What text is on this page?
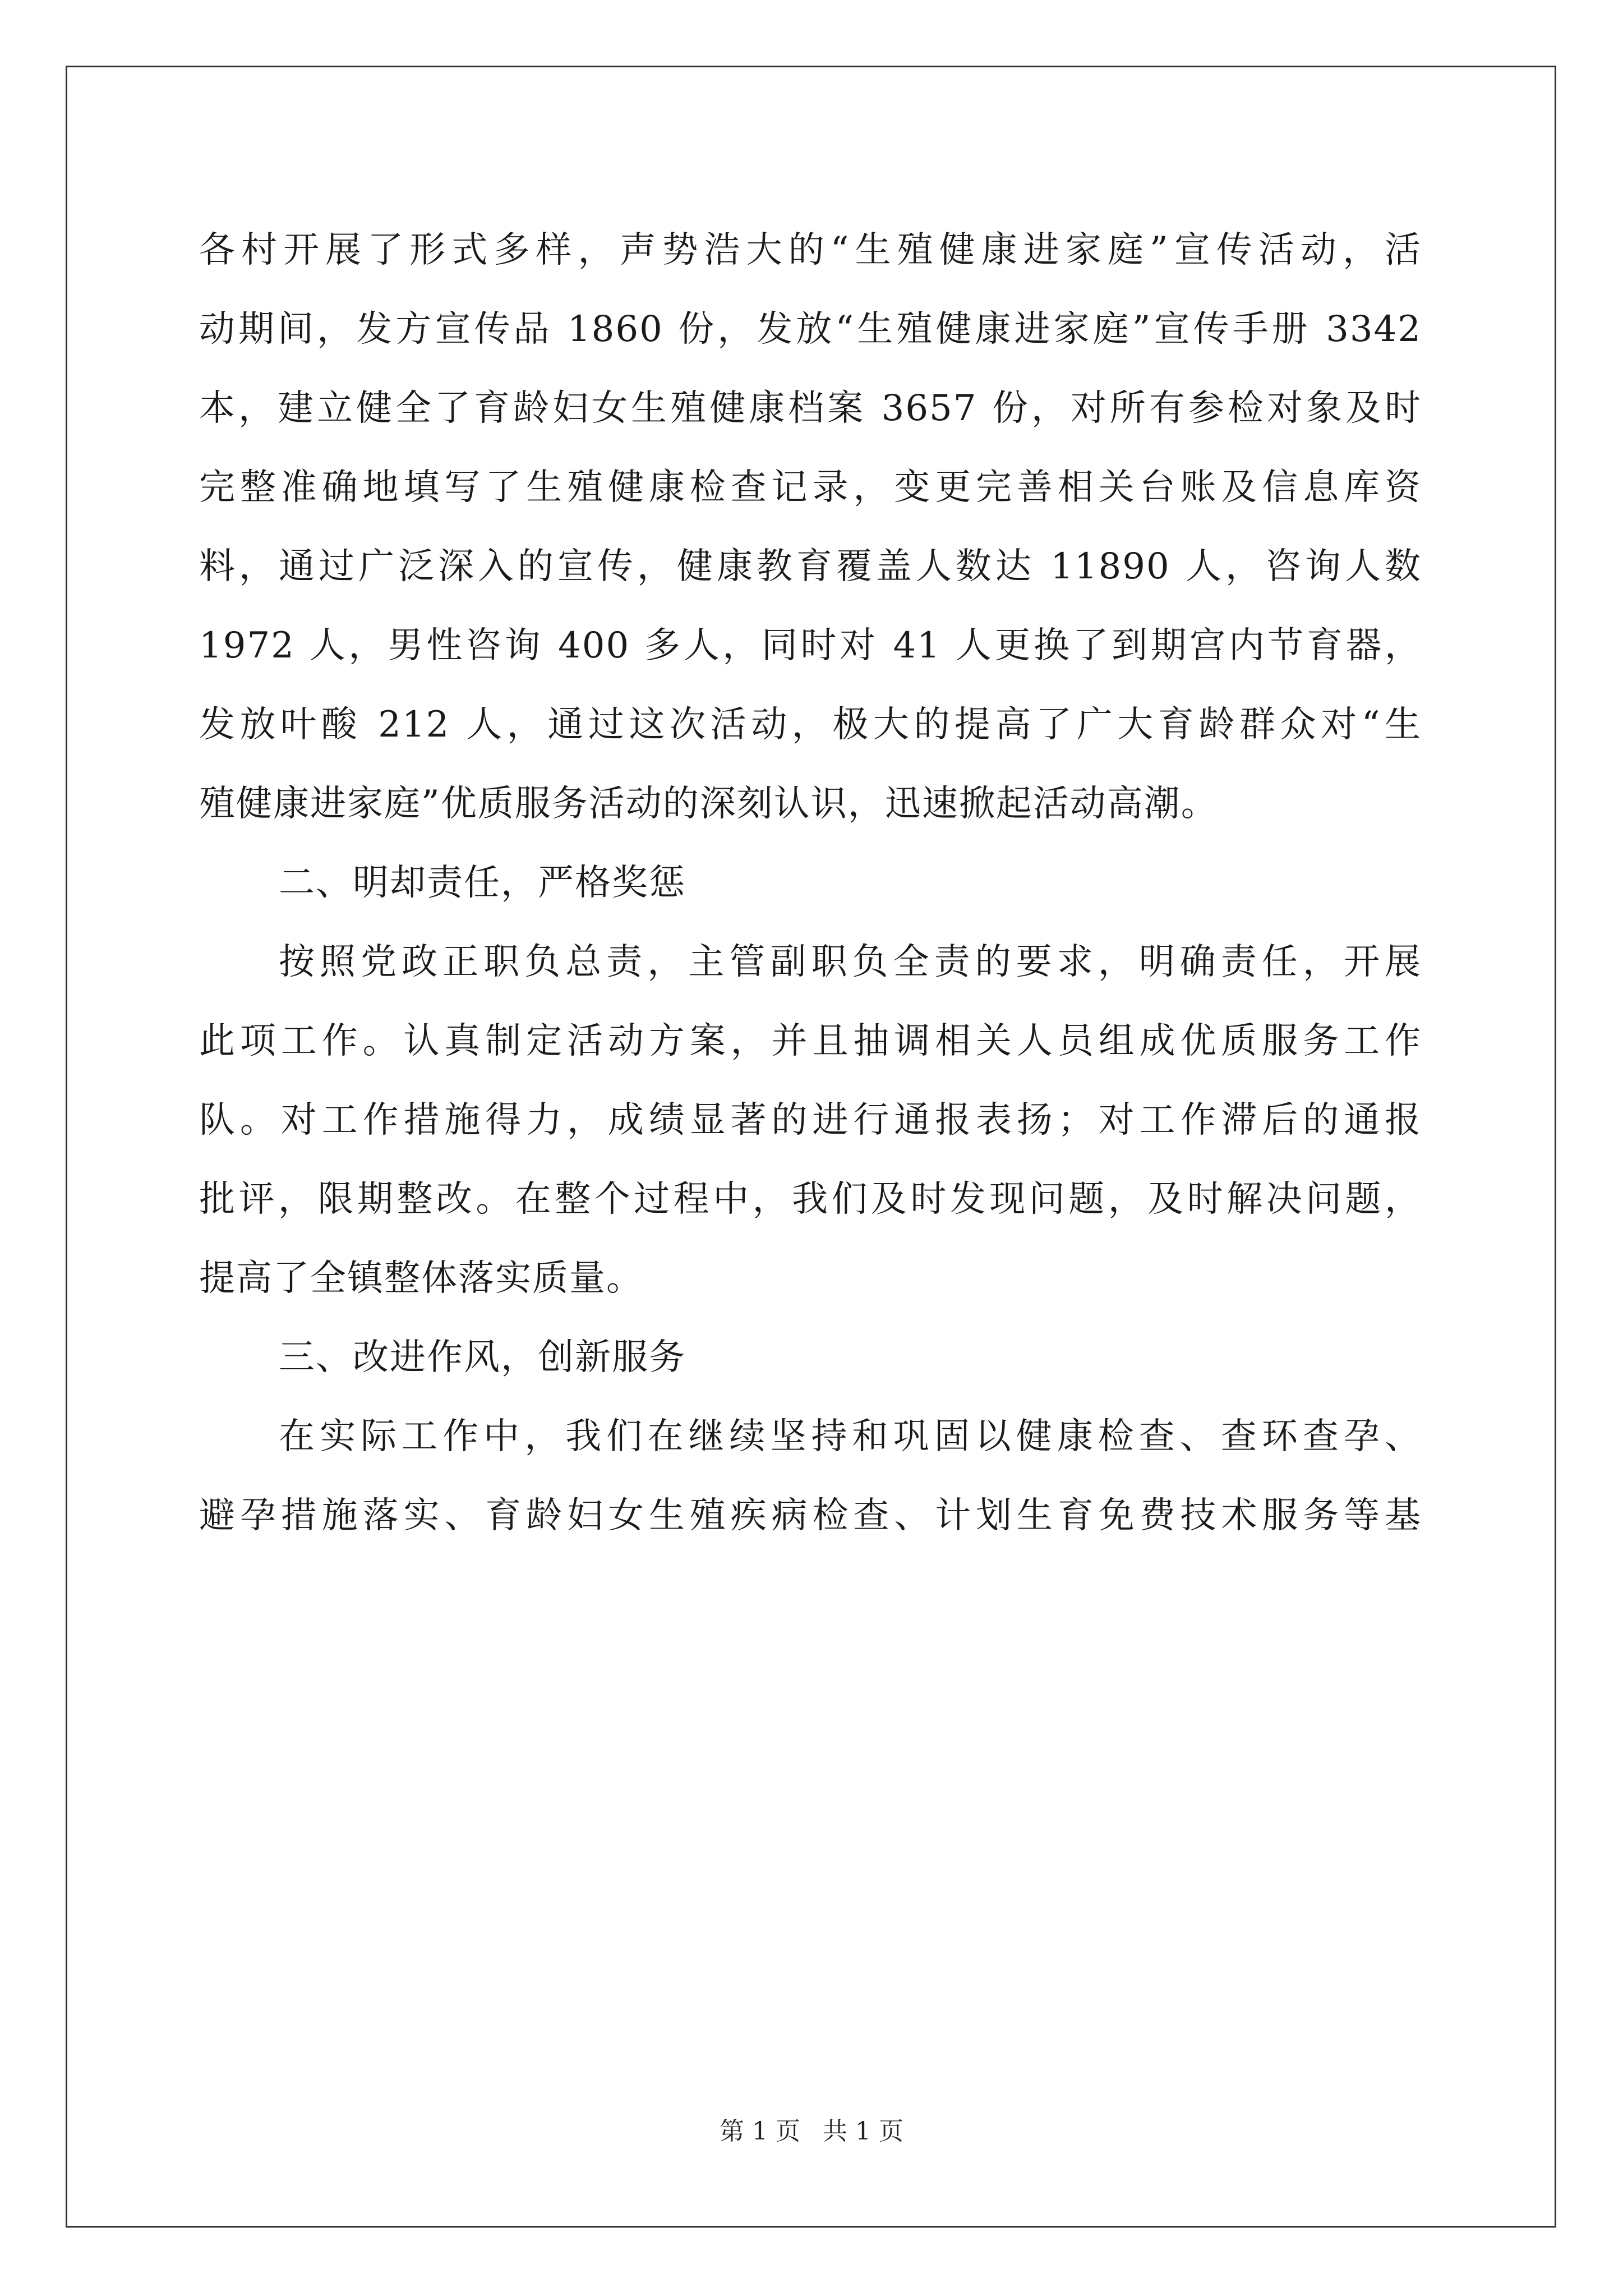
各村开展了形式多样，声势浩大的“生殖健康进家庭”宣传活动，活
动期间，发方宣传品 1860 份，发放“生殖健康进家庭”宣传手册 3342
本，建立健全了育龄妇女生殖健康档案 3657 份，对所有参检对象及时
完整准确地填写了生殖健康检查记录，变更完善相关台账及信息库资
料，通过广泛深入的宣传，健康教育覆盖人数达 11890 人，咨询人数
1972 人，男性咨询 400 多人，同时对 41 人更换了到期宫内节育器，
发放叶酸 212 人，通过这次活动，极大的提高了广大育龄群众对“生
殖健康进家庭”优质服务活动的深刻认识，迅速掀起活动高潮。
二、明却责任，严格奖惩
按照党政正职负总责，主管副职负全责的要求，明确责任，开展
此项工作。认真制定活动方案，并且抽调相关人员组成优质服务工作
队。对工作措施得力，成绩显著的进行通报表扬；对工作滞后的通报
批评，限期整改。在整个过程中，我们及时发现问题，及时解决问题，
提高了全镇整体落实质量。
三、改进作风，创新服务
在实际工作中，我们在继续坚持和巩固以健康检查、查环查孕、
避孕措施落实、育龄妇女生殖疾病检查、计划生育免费技术服务等基
第 1 页 共 1 页
